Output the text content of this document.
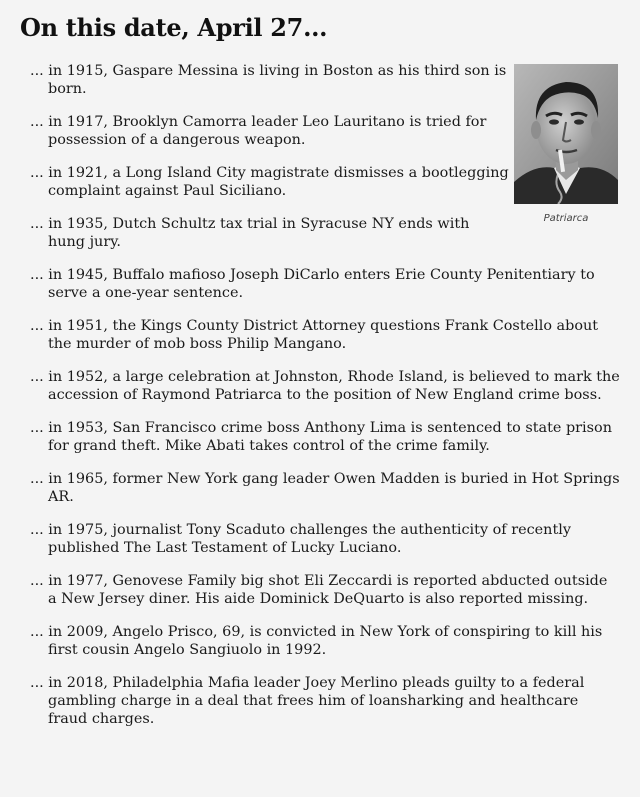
On this date, April 27...
Patriarca
... in 1915, Gaspare Messina is living in Boston as his third son is born.
... in 1917, Brooklyn Camorra leader Leo Lauritano is tried for possession of a dangerous weapon.
... in 1921, a Long Island City magistrate dismisses a bootlegging complaint against Paul Siciliano.
... in 1935, Dutch Schultz tax trial in Syracuse NY ends with hung jury.
... in 1945, Buffalo mafioso Joseph DiCarlo enters Erie County Penitentiary to serve a one-year sentence.
... in 1951, the Kings County District Attorney questions Frank Costello about the murder of mob boss Philip Mangano.
... in 1952, a large celebration at Johnston, Rhode Island, is believed to mark the accession of Raymond Patriarca to the position of New England crime boss.
... in 1953, San Francisco crime boss Anthony Lima is sentenced to state prison for grand theft. Mike Abati takes control of the crime family.
... in 1965, former New York gang leader Owen Madden is buried in Hot Springs AR.
... in 1975, journalist Tony Scaduto challenges the authenticity of recently published The Last Testament of Lucky Luciano.
... in 1977, Genovese Family big shot Eli Zeccardi is reported abducted outside a New Jersey diner. His aide Dominick DeQuarto is also reported missing.
... in 2009, Angelo Prisco, 69, is convicted in New York of conspiring to kill his first cousin Angelo Sangiuolo in 1992.
... in 2018, Philadelphia Mafia leader Joey Merlino pleads guilty to a federal gambling charge in a deal that frees him of loansharking and healthcare fraud charges.
